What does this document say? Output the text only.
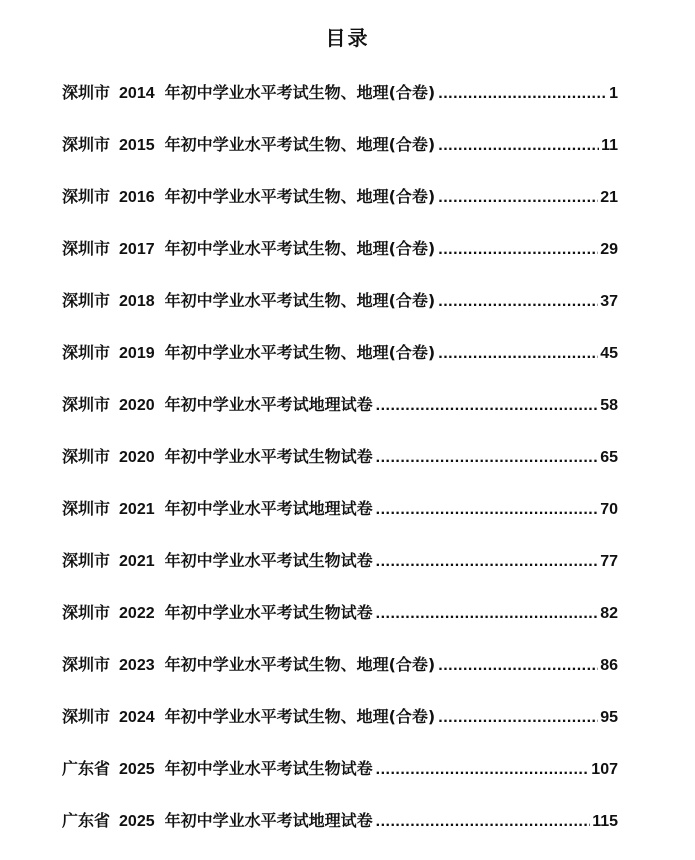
目录
深圳市 2014 年初中学业水平考试生物、地理(合卷) .....	1
深圳市 2015 年初中学业水平考试生物、地理(合卷) .....	11
深圳市 2016 年初中学业水平考试生物、地理(合卷) .....	21
深圳市 2017 年初中学业水平考试生物、地理(合卷) .....	29
深圳市 2018 年初中学业水平考试生物、地理(合卷) .....	37
深圳市 2019 年初中学业水平考试生物、地理(合卷) .....	45
深圳市 2020 年初中学业水平考试地理试卷 .....	58
深圳市 2020 年初中学业水平考试生物试卷 .....	65
深圳市 2021 年初中学业水平考试地理试卷 .....	70
深圳市 2021 年初中学业水平考试生物试卷 .....	77
深圳市 2022 年初中学业水平考试生物试卷 .....	82
深圳市 2023 年初中学业水平考试生物、地理(合卷) .....	86
深圳市 2024 年初中学业水平考试生物、地理(合卷) .....	95
广东省 2025 年初中学业水平考试生物试卷 .....	107
广东省 2025 年初中学业水平考试地理试卷 .....	115
